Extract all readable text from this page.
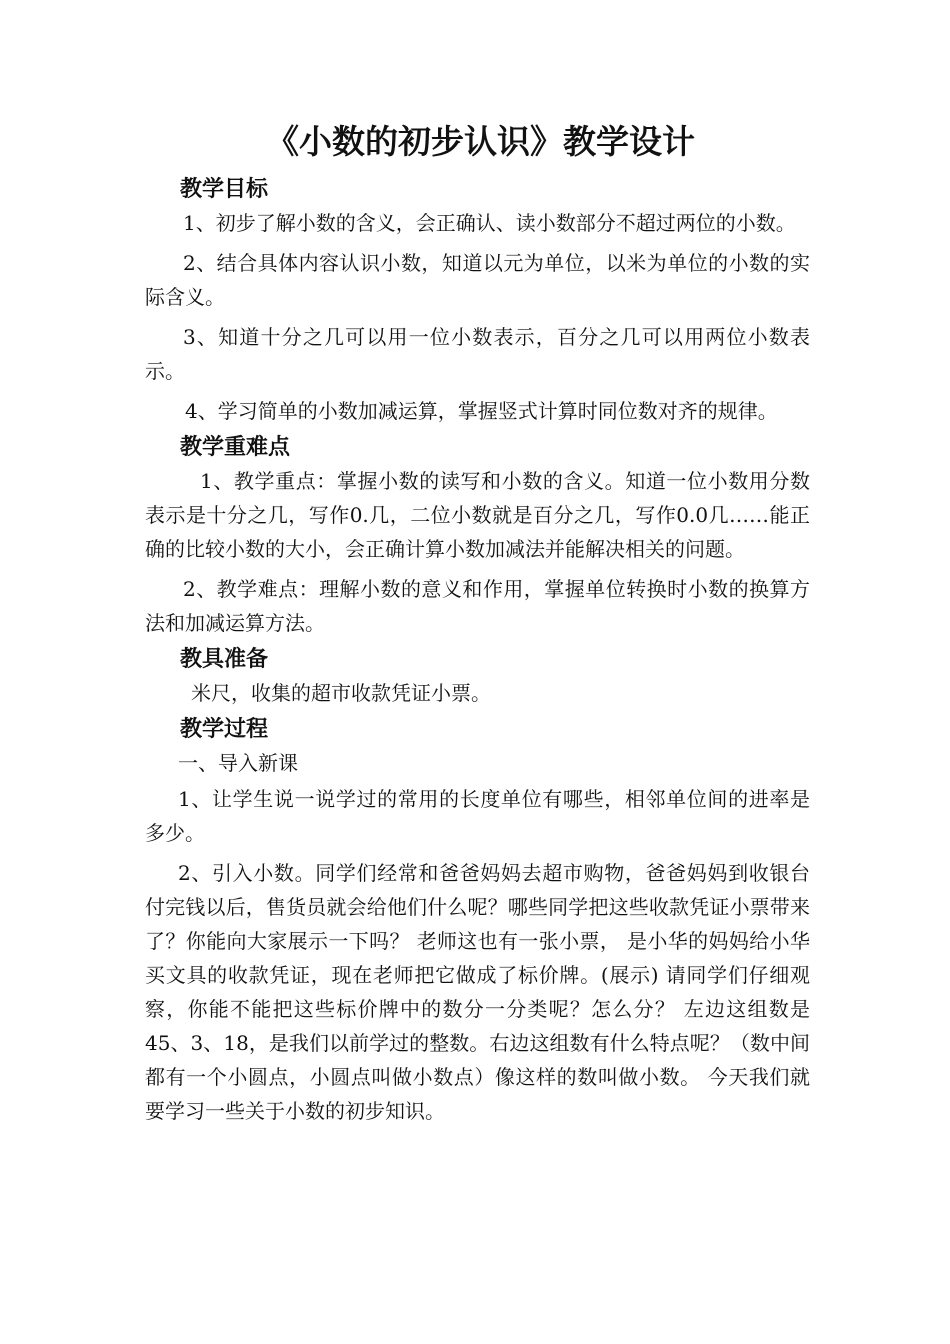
《小数的初步认识》教学设计
教学目标

1、初步了解小数的含义，会正确认、读小数部分不超过两位的小数。

2、结合具体内容认识小数，知道以元为单位，以米为单位的小数的实际含义。

3、知道十分之几可以用一位小数表示，百分之几可以用两位小数表示。

4、学习简单的小数加减运算，掌握竖式计算时同位数对齐的规律。

教学重难点

1、教学重点：掌握小数的读写和小数的含义。知道一位小数用分数表示是十分之几，写作0.几，二位小数就是百分之几，写作0.0几……能正确的比较小数的大小，会正确计算小数加减法并能解决相关的问题。

2、教学难点：理解小数的意义和作用，掌握单位转换时小数的换算方法和加减运算方法。

教具准备

米尺，收集的超市收款凭证小票。

教学过程

一、导入新课

1、让学生说一说学过的常用的长度单位有哪些，相邻单位间的进率是多少。

2、引入小数。同学们经常和爸爸妈妈去超市购物，爸爸妈妈到收银台付完钱以后，售货员就会给他们什么呢？哪些同学把这些收款凭证小票带来了？你能向大家展示一下吗？ 老师这也有一张小票， 是小华的妈妈给小华买文具的收款凭证，现在老师把它做成了标价牌。(展示) 请同学们仔细观察，你能不能把这些标价牌中的数分一分类呢？怎么分？ 左边这组数是45、3、18，是我们以前学过的整数。右边这组数有什么特点呢？（数中间都有一个小圆点，小圆点叫做小数点）像这样的数叫做小数。 今天我们就要学习一些关于小数的初步知识。
